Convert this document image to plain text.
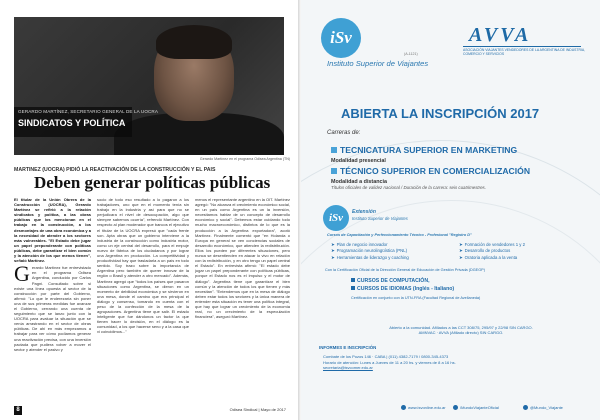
GERARDO MARTÍNEZ, SECRETARIO GENERAL DE LA UOCRA
SINDICATOS Y POLÍTICA
Gerardo Martínez en el programa Odisea Argentina (TN)
MARTINEZ (UOCRA) PIDIÓ LA REACTIVACIÓN DE LA CONSTRUCCIÓN Y EL PAIS
Deben generar políticas públicas

El titular de la Unión Obrera de la Construcción (UOCRA), Gerardo Martínez se refirió a la relación sindicatos y política, a las obras públicas que los mencionan en el trabajo en la construcción, a los desmontajes de una obra económica y a la necesidad de atender a los sectores más vulnerables. "El Estado debe jugar un papel preponderante con políticas públicas, debe garantizar el bien común y la atención de los que menos tienen", señaló Martínez.

Gerardo Martínez fue entrevistado en el programa Odisea Argentina, conducido por Carlos Pagni. Consultado sobre si existe una línea opuesta al sector de la construcción por parte del Gobierno, afirmó: "Lo que le enderezaría sin poner una de sus primeras medidas fue avanzar el Gobierno, cerrando una cuenta de seguimiento que se lanzo junto con la UOCRA para avaluar la situación que se venía arrastrando en el sector de obras públicas. De ahí en más empezamos a trabajar para ver cómo podíamos generar una reactivación precisa, con una inversión pactada que pudiera volver a mover el sector y atender el pasivo y

socio de todo eso resultado a lo pagaron a los trabajadores, uno que en el momento tenía sin trabajo en la industria y así para que no se perjudicara el nivel de desocupación, algo que siempre sabemos ocurría", refrendó Martínez. Con respecto al plan moderador que bancos el ejecutivo el titular de la UOCRA expresó que "cada frente son. Apta obras que un gobierno interviene a la industria de la construcción como industria motor, como un eje central del desarrollo, para el empuje nuevo de fábrica de los ciudadanos y por lograr una Argentina en producción. La competitividad y productividad hay que trasladarla a un país en todo sentido. Soy trazo sobre la importancia de Argentina pero también de querer innovar de la región o Brasil y atender a otro mercado". Además, Martínez agregó que "todos los países que pasaron situaciones como Argentina, se dieron en un momento de debilidad económica y se sirvieron en una mesa, donde el camino que era principal el diálogo y consenso, tomando en cuenta con el peso de la confección de la mesa de la agrupaciones. Argentina tiene que salir. El estado inteligente que fue dándonos un factor la que tienen hacer lo decisión, en el diálogo es la comunidad, a los que hacerse seno y a la casa que vi coincidimos..."

menos el representante argentino en la OIT. Martínez agregó: "No alcanza el crecimiento económico social, en un país como Argentina es un la inversión, necesitamos hablar de un concepto de desarrollo económico y social". Debemos estar cuidando todo mucho macroeconómico, distintos de lo que es la producción a la Argentina exportadora", acotó Martínez. Finalmente comentó que "en Holanda o Europa en general se ven conciencias sociales de desarrollo económico, que atienden la redistribución. Ellos los pueden por diferentes situaciones, pero nunca se desentienden en atacar lo vivo en relación con la redistribución, y en otro tengo un papel central el Estado". En entrevista afirmó: "El estado debe jugar un papel preponderante con políticas públicas, porque el Estado nos es el impulso y el motor de diálogo". Argentina tiene que garantizar el bien común y la atención de todos los que tienen y más necesitan". "Entendemos que en la mesa de diálogo deben estar todos los sectores y la única manera de entender esta situación es tener una política integral, que hay que lograr un crecimiento de la economía real, no un crecimiento de la especulación financiera", aseguró Martínez.

8	Odisea Sindical | Mayo de 2017
iSv
(A-1121)
Instituto Superior de Viajantes
AVVA
ASOCIACIÓN VIAJANTES VENDEDORES DE LA ARGENTINA DE INDUSTRIA, COMERCIO Y SERVICIOS
ABIERTA LA INSCRIPCIÓN 2017
Carreras de:
TECNICATURA SUPERIOR EN MARKETING
Modalidad presencial
TÉCNICO SUPERIOR EN COMERCIALIZACIÓN
Modalidad a distancia
Títulos oficiales de validez nacional / Duración de la carrera: seis cuatrimestres.
iSv	Extensión
Instituto Superior de Viajantes
Cursos de Capacitación y Perfeccionamiento Técnico - Profesional "Registro D"
➤ Plan de negocio innovador
➤ Programación neurolingüística (PNL)
➤ Herramientas de liderazgo y coaching
➤ Formación de vendedores 1 y 2
➤ Desarrollo de productos
➤ Oratoria aplicada a la venta
Con la Certificación Oficial de la Dirección General de Educación de Gestión Privada (DGEGP)
CURSOS DE COMPUTACIÓN,
CURSOS DE IDIOMAS (Inglés - Italiano)
Certificación en conjunto con la UTN-FRA (Facultad Regional de Avellaneda)
Abierto a la comunidad. Afiliados a las CCT 308/75, 295/97 y 22/98 SIN CARGO.
AMNVAC · AVVA (Afiliado directo) SIN CARGO.
INFORMES E INSCRIPCIÓN
Combate de los Pozos 146 · CABA | (011) 4382-7179 / 0800-345-4373
Horario de atención: Lunes a Jueves de 11 a 20 hs. y viernes de 8 a 16 hs.
secretaria@isvcomer.edu.ar
www.isvonline.edu.ar	/MundoViajanteOficial	@Mundo_Viajante
